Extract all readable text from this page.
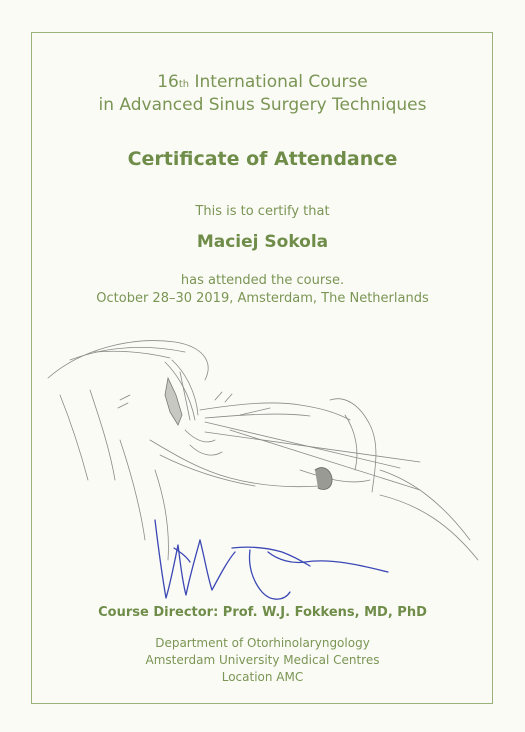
16th International Course
in Advanced Sinus Surgery Techniques
Certificate of Attendance
This is to certify that
Maciej Sokola
has attended the course.
October 28–30 2019, Amsterdam, The Netherlands
Course Director: Prof. W.J. Fokkens, MD, PhD
Department of Otorhinolaryngology
Amsterdam University Medical Centres
Location AMC
